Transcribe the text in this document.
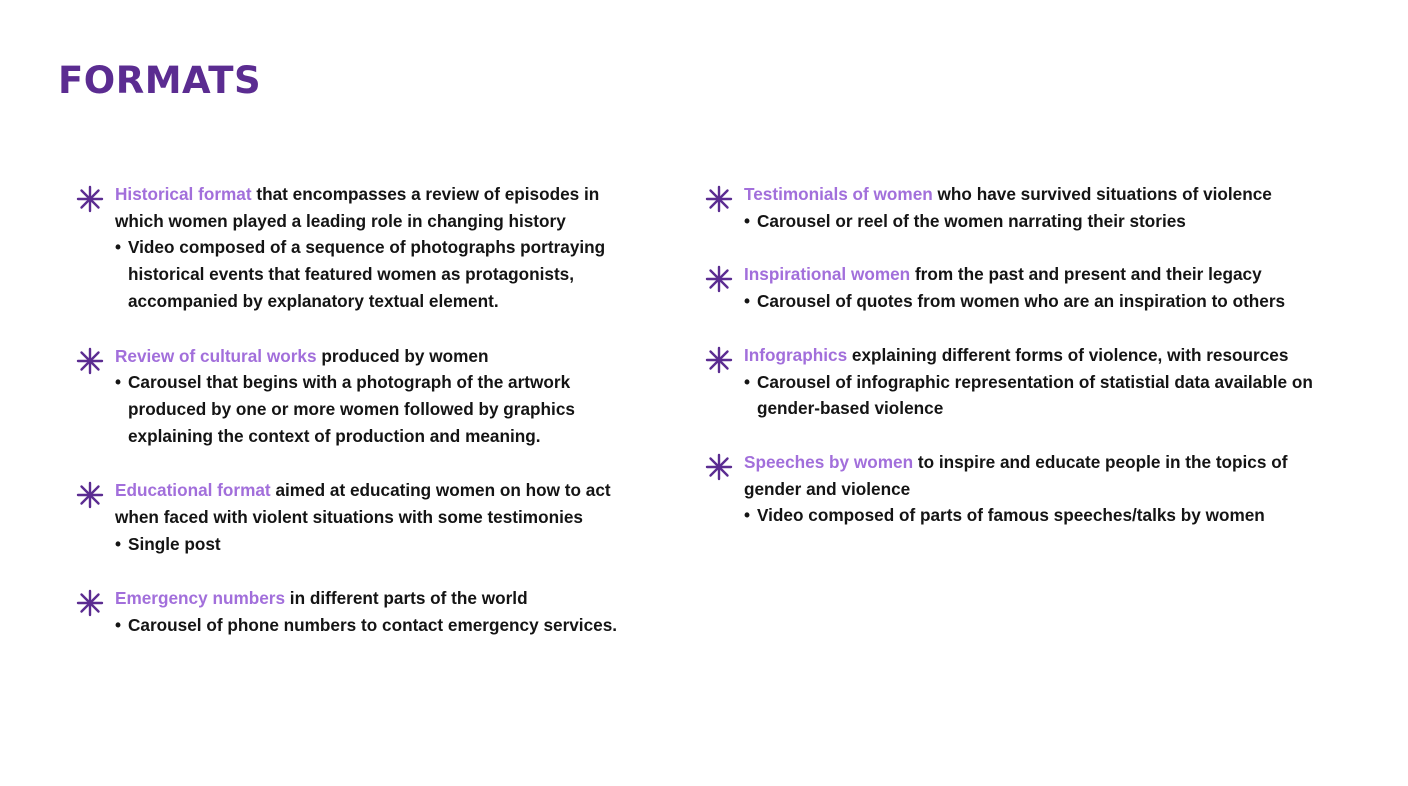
FORMATS

Historical format that encompasses a review of episodes in which women played a leading role in changing history

• Video composed of a sequence of photographs portraying historical events that featured women as protagonists, accompanied by explanatory textual element.

Review of cultural works produced by women

• Carousel that begins with a photograph of the artwork produced by one or more women followed by graphics explaining the context of production and meaning.

Educational format aimed at educating women on how to act when faced with violent situations with some testimonies

• Single post

Emergency numbers in different parts of the world

• Carousel of phone numbers to contact emergency services.

Testimonials of women who have survived situations of violence

• Carousel or reel of the women narrating their stories

Inspirational women from the past and present and their legacy

• Carousel of quotes from women who are an inspiration to others

Infographics explaining different forms of violence, with resources

• Carousel of infographic representation of statistial data available on gender-based violence

Speeches by women to inspire and educate people in the topics of gender and violence

• Video composed of parts of famous speeches/talks by women
